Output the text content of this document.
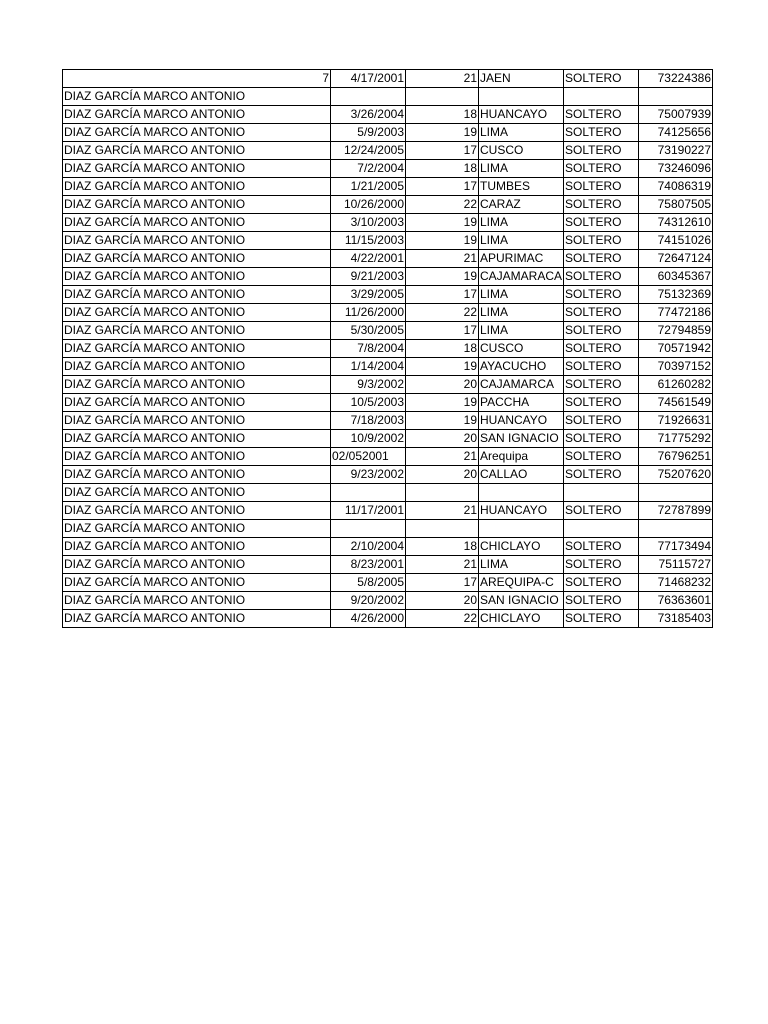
7	4/17/2001	21	JAEN	SOLTERO	73224386
DIAZ GARCÍA MARCO ANTONIO					
DIAZ GARCÍA MARCO ANTONIO	3/26/2004	18	HUANCAYO	SOLTERO	75007939
DIAZ GARCÍA MARCO ANTONIO	5/9/2003	19	LIMA	SOLTERO	74125656
DIAZ GARCÍA MARCO ANTONIO	12/24/2005	17	CUSCO	SOLTERO	73190227
DIAZ GARCÍA MARCO ANTONIO	7/2/2004	18	LIMA	SOLTERO	73246096
DIAZ GARCÍA MARCO ANTONIO	1/21/2005	17	TUMBES	SOLTERO	74086319
DIAZ GARCÍA MARCO ANTONIO	10/26/2000	22	CARAZ	SOLTERO	75807505
DIAZ GARCÍA MARCO ANTONIO	3/10/2003	19	LIMA	SOLTERO	74312610
DIAZ GARCÍA MARCO ANTONIO	11/15/2003	19	LIMA	SOLTERO	74151026
DIAZ GARCÍA MARCO ANTONIO	4/22/2001	21	APURIMAC	SOLTERO	72647124
DIAZ GARCÍA MARCO ANTONIO	9/21/2003	19	CAJAMARACA	SOLTERO	60345367
DIAZ GARCÍA MARCO ANTONIO	3/29/2005	17	LIMA	SOLTERO	75132369
DIAZ GARCÍA MARCO ANTONIO	11/26/2000	22	LIMA	SOLTERO	77472186
DIAZ GARCÍA MARCO ANTONIO	5/30/2005	17	LIMA	SOLTERO	72794859
DIAZ GARCÍA MARCO ANTONIO	7/8/2004	18	CUSCO	SOLTERO	70571942
DIAZ GARCÍA MARCO ANTONIO	1/14/2004	19	AYACUCHO	SOLTERO	70397152
DIAZ GARCÍA MARCO ANTONIO	9/3/2002	20	CAJAMARCA	SOLTERO	61260282
DIAZ GARCÍA MARCO ANTONIO	10/5/2003	19	PACCHA	SOLTERO	74561549
DIAZ GARCÍA MARCO ANTONIO	7/18/2003	19	HUANCAYO	SOLTERO	71926631
DIAZ GARCÍA MARCO ANTONIO	10/9/2002	20	SAN IGNACIO	SOLTERO	71775292
DIAZ GARCÍA MARCO ANTONIO	02/052001	21	Arequipa	SOLTERO	76796251
DIAZ GARCÍA MARCO ANTONIO	9/23/2002	20	CALLAO	SOLTERO	75207620
DIAZ GARCÍA MARCO ANTONIO					
DIAZ GARCÍA MARCO ANTONIO	11/17/2001	21	HUANCAYO	SOLTERO	72787899
DIAZ GARCÍA MARCO ANTONIO					
DIAZ GARCÍA MARCO ANTONIO	2/10/2004	18	CHICLAYO	SOLTERO	77173494
DIAZ GARCÍA MARCO ANTONIO	8/23/2001	21	LIMA	SOLTERO	75115727
DIAZ GARCÍA MARCO ANTONIO	5/8/2005	17	AREQUIPA-C	SOLTERO	71468232
DIAZ GARCÍA MARCO ANTONIO	9/20/2002	20	SAN IGNACIO	SOLTERO	76363601
DIAZ GARCÍA MARCO ANTONIO	4/26/2000	22	CHICLAYO	SOLTERO	73185403
